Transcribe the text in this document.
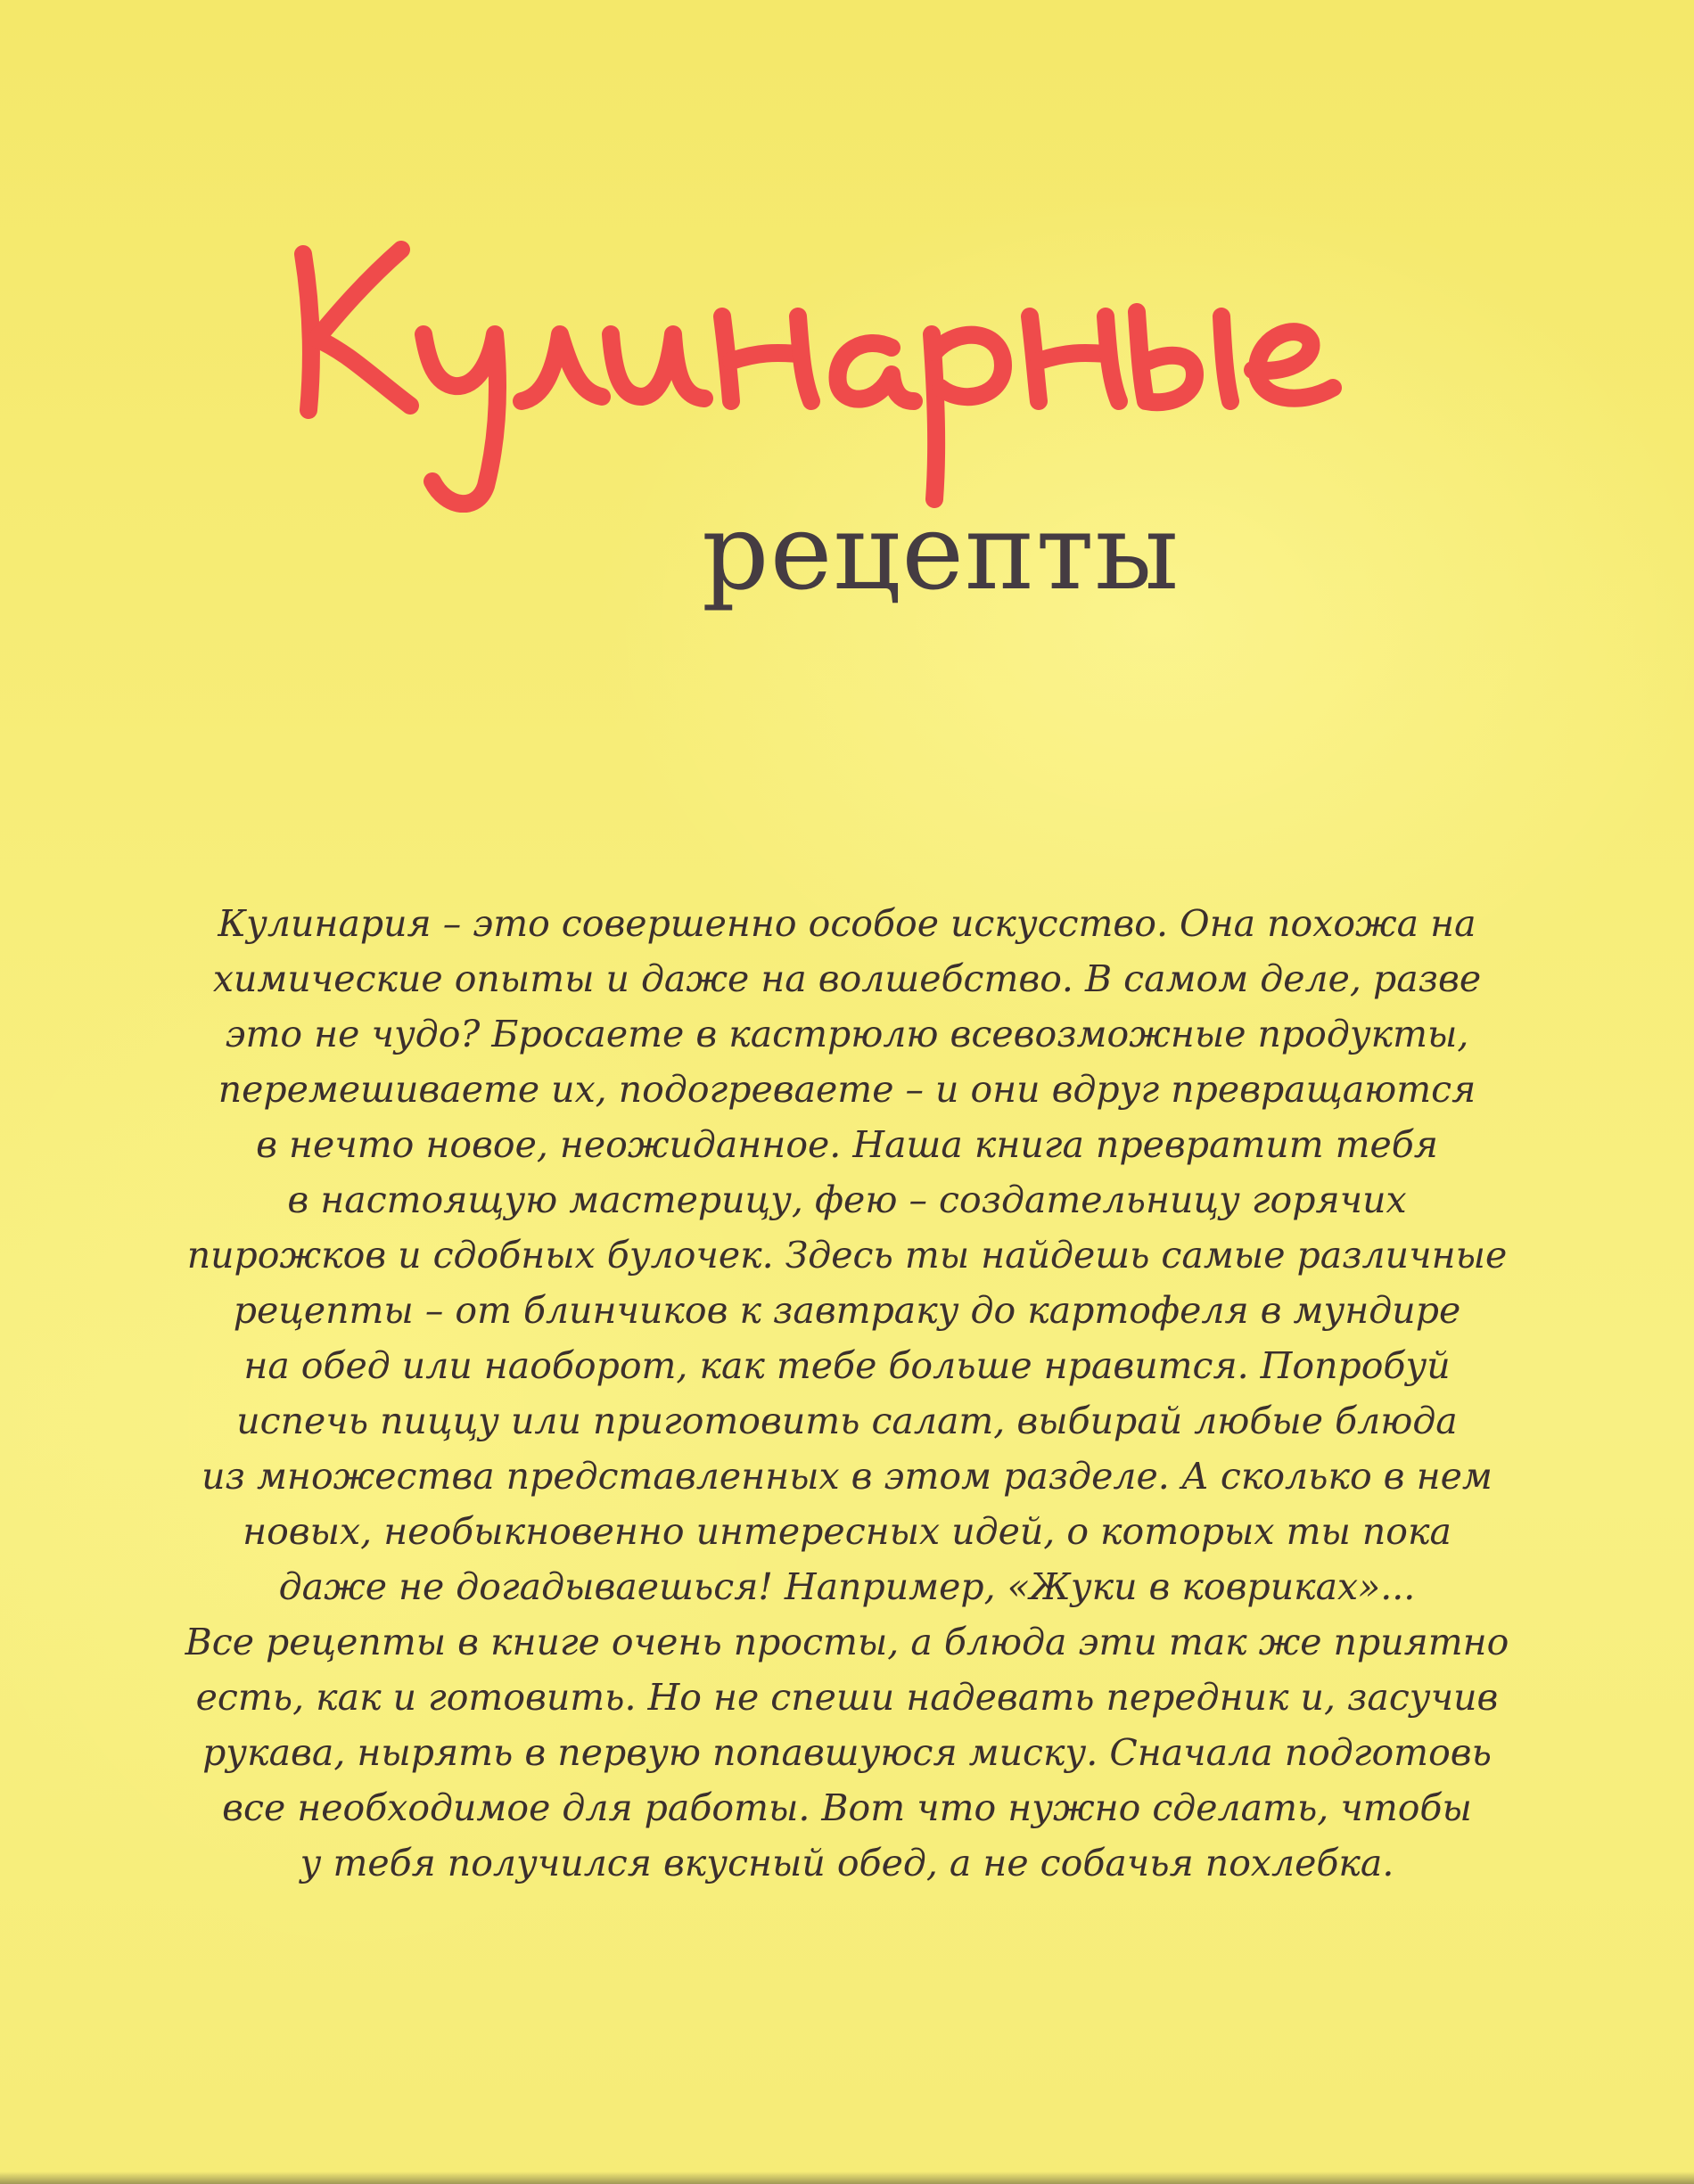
рецепты

Кулинария – это совершенно особое искусство. Она похожа на
химические опыты и даже на волшебство. В самом деле, разве
это не чудо? Бросаете в кастрюлю всевозможные продукты,
перемешиваете их, подогреваете – и они вдруг превращаются
в нечто новое, неожиданное. Наша книга превратит тебя
в настоящую мастерицу, фею – создательницу горячих
пирожков и сдобных булочек. Здесь ты найдешь самые различные
рецепты – от блинчиков к завтраку до картофеля в мундире
на обед или наоборот, как тебе больше нравится. Попробуй
испечь пиццу или приготовить салат, выбирай любые блюда
из множества представленных в этом разделе. А сколько в нем
новых, необыкновенно интересных идей, о которых ты пока
даже не догадываешься! Например, «Жуки в ковриках»...
Все рецепты в книге очень просты, а блюда эти так же приятно
есть, как и готовить. Но не спеши надевать передник и, засучив
рукава, нырять в первую попавшуюся миску. Сначала подготовь
все необходимое для работы. Вот что нужно сделать, чтобы
у тебя получился вкусный обед, а не собачья похлебка.
